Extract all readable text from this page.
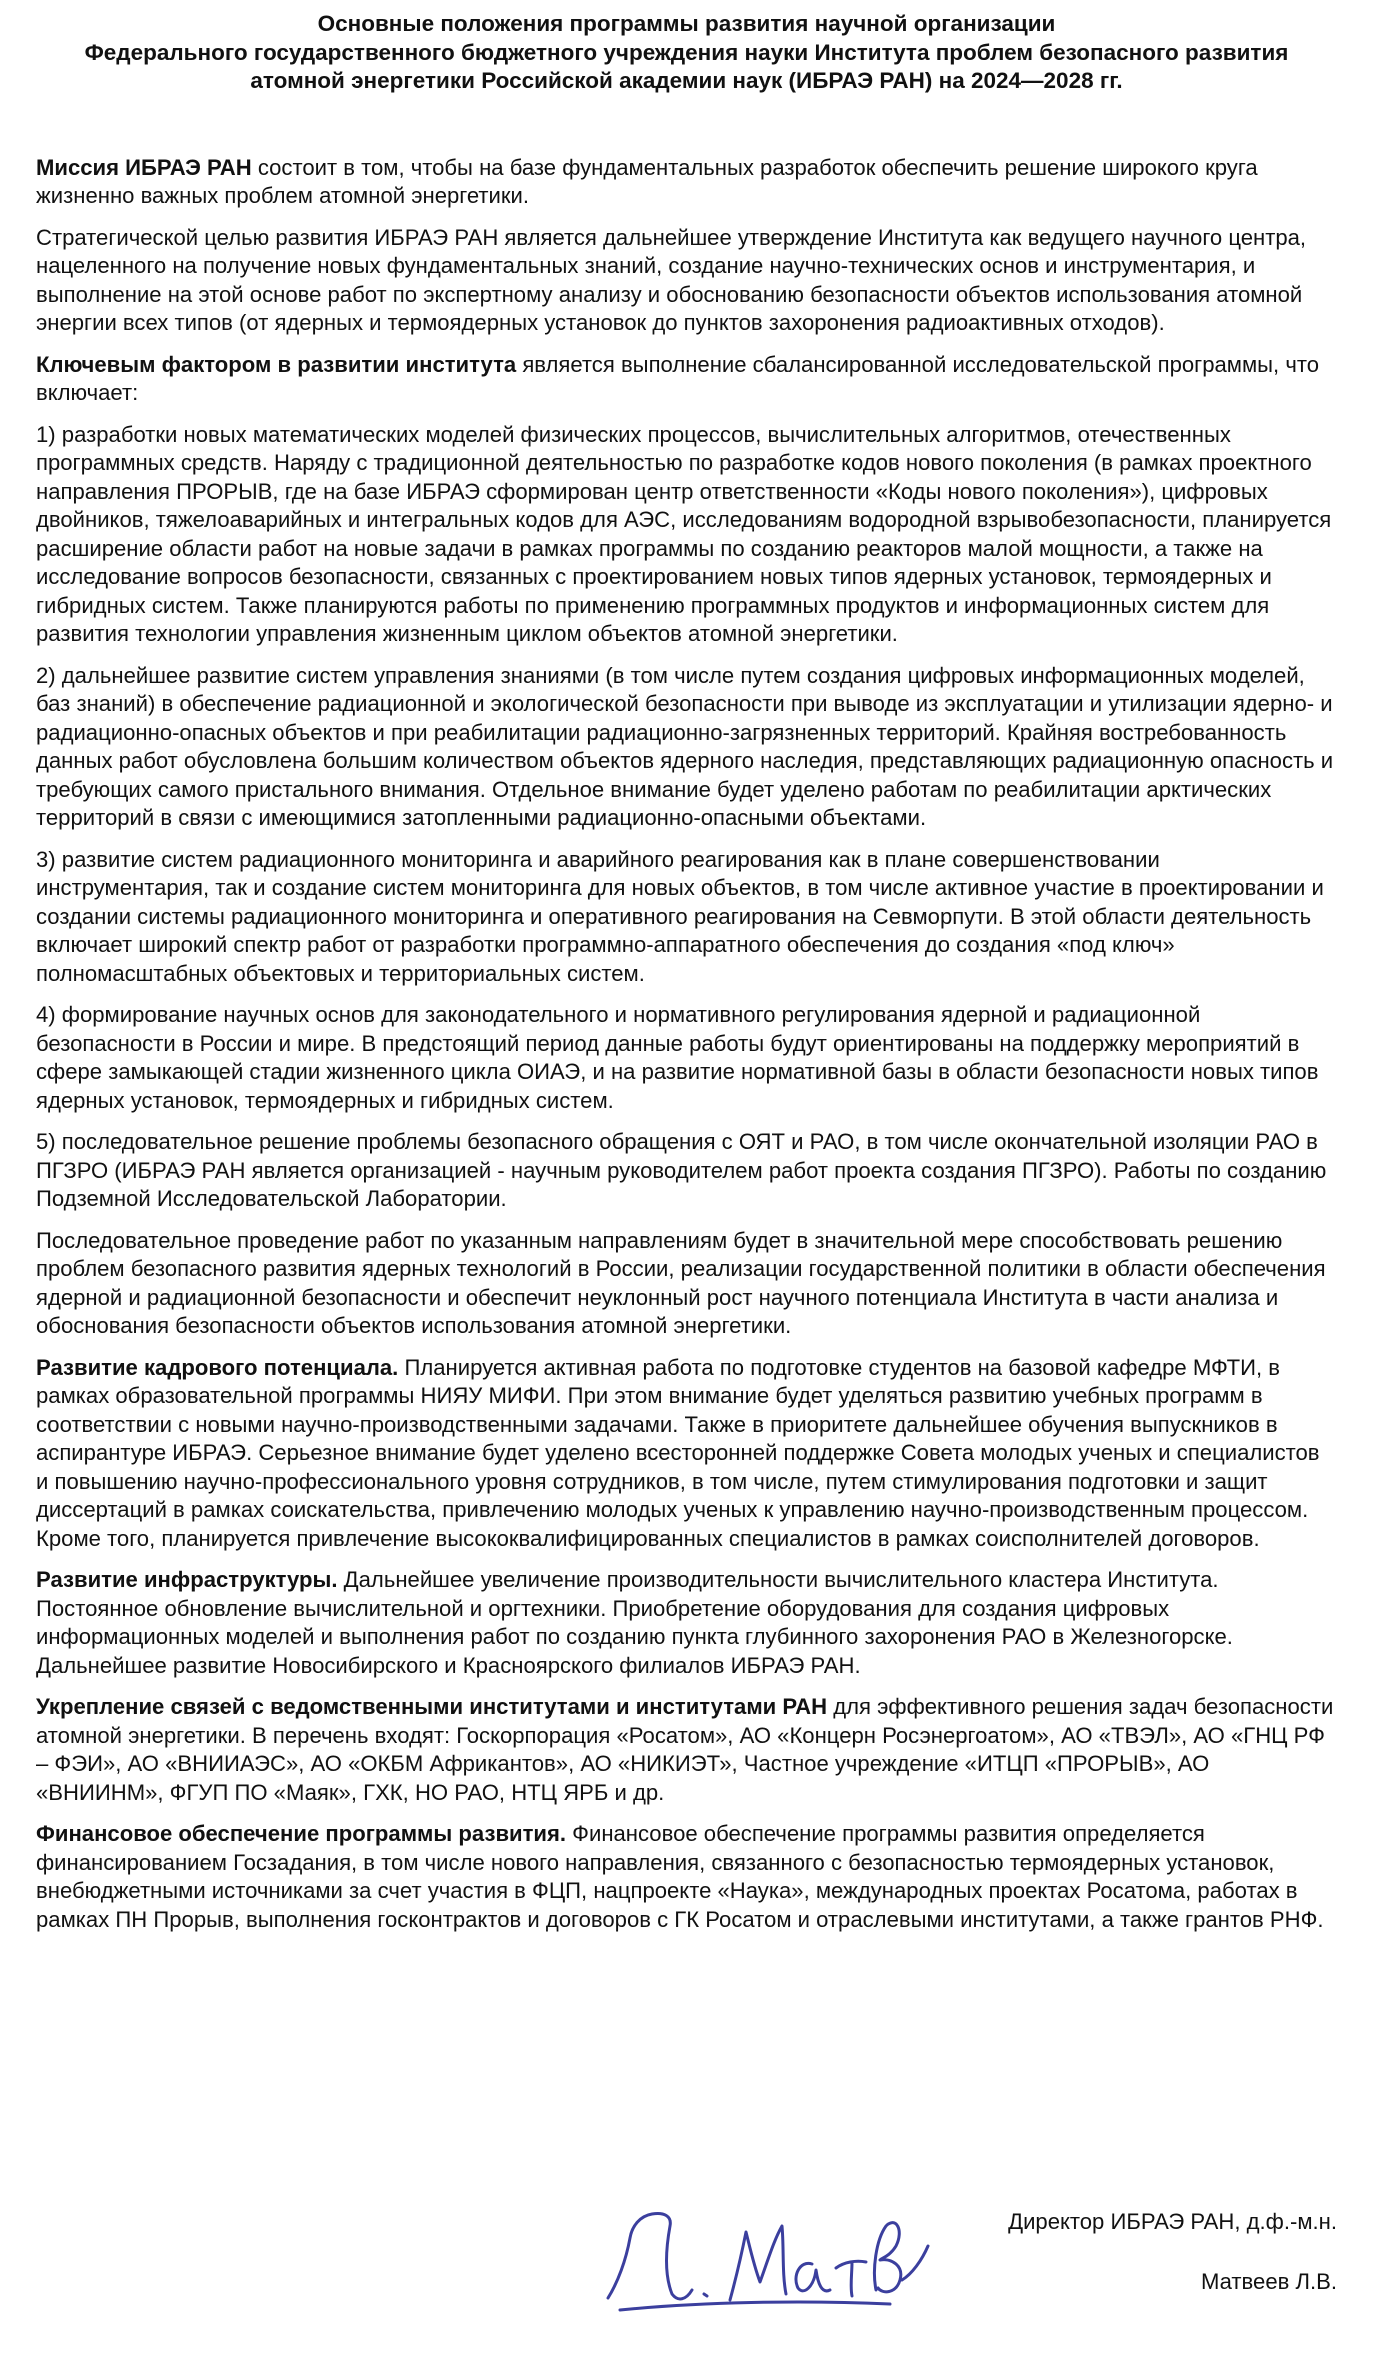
Основные положения программы развития научной организации
Федерального государственного бюджетного учреждения науки Института проблем безопасного развития
атомной энергетики Российской академии наук (ИБРАЭ РАН) на 2024—2028 гг.

Миссия ИБРАЭ РАН состоит в том, чтобы на базе фундаментальных разработок обеспечить решение широкого круга жизненно важных проблем атомной энергетики.

Стратегической целью развития ИБРАЭ РАН является дальнейшее утверждение Института как ведущего научного центра, нацеленного на получение новых фундаментальных знаний, создание научно-технических основ и инструментария, и выполнение на этой основе работ по экспертному анализу и обоснованию безопасности объектов использования атомной энергии всех типов (от ядерных и термоядерных установок до пунктов захоронения радиоактивных отходов).

Ключевым фактором в развитии института является выполнение сбалансированной исследовательской программы, что включает:

1) разработки новых математических моделей физических процессов, вычислительных алгоритмов, отечественных программных средств. Наряду с традиционной деятельностью по разработке кодов нового поколения (в рамках проектного направления ПРОРЫВ, где на базе ИБРАЭ сформирован центр ответственности «Коды нового поколения»), цифровых двойников, тяжелоаварийных и интегральных кодов для АЭС, исследованиям водородной взрывобезопасности, планируется расширение области работ на новые задачи в рамках программы по созданию реакторов малой мощности, а также на исследование вопросов безопасности, связанных с проектированием новых типов ядерных установок, термоядерных и гибридных систем. Также планируются работы по применению программных продуктов и информационных систем для развития технологии управления жизненным циклом объектов атомной энергетики.

2) дальнейшее развитие систем управления знаниями (в том числе путем создания цифровых информационных моделей, баз знаний) в обеспечение радиационной и экологической безопасности при выводе из эксплуатации и утилизации ядерно- и радиационно-опасных объектов и при реабилитации радиационно-загрязненных территорий. Крайняя востребованность данных работ обусловлена большим количеством объектов ядерного наследия, представляющих радиационную опасность и требующих самого пристального внимания. Отдельное внимание будет уделено работам по реабилитации арктических территорий в связи с имеющимися затопленными радиационно-опасными объектами.

3) развитие систем радиационного мониторинга и аварийного реагирования как в плане совершенствовании инструментария, так и создание систем мониторинга для новых объектов, в том числе активное участие в проектировании и создании системы радиационного мониторинга и оперативного реагирования на Севморпути. В этой области деятельность включает широкий спектр работ от разработки программно-аппаратного обеспечения до создания «под ключ» полномасштабных объектовых и территориальных систем.

4) формирование научных основ для законодательного и нормативного регулирования ядерной и радиационной безопасности в России и мире. В предстоящий период данные работы будут ориентированы на поддержку мероприятий в сфере замыкающей стадии жизненного цикла ОИАЭ, и на развитие нормативной базы в области безопасности новых типов ядерных установок, термоядерных и гибридных систем.

5) последовательное решение проблемы безопасного обращения с ОЯТ и РАО, в том числе окончательной изоляции РАО в ПГЗРО (ИБРАЭ РАН является организацией - научным руководителем работ проекта создания ПГЗРО). Работы по созданию Подземной Исследовательской Лаборатории.

Последовательное проведение работ по указанным направлениям будет в значительной мере способствовать решению проблем безопасного развития ядерных технологий в России, реализации государственной политики в области обеспечения ядерной и радиационной безопасности и обеспечит неуклонный рост научного потенциала Института в части анализа и обоснования безопасности объектов использования атомной энергетики.

Развитие кадрового потенциала. Планируется активная работа по подготовке студентов на базовой кафедре МФТИ, в рамках образовательной программы НИЯУ МИФИ. При этом внимание будет уделяться развитию учебных программ в соответствии с новыми научно-производственными задачами. Также в приоритете дальнейшее обучения выпускников в аспирантуре ИБРАЭ. Серьезное внимание будет уделено всесторонней поддержке Совета молодых ученых и специалистов и повышению научно-профессионального уровня сотрудников, в том числе, путем стимулирования подготовки и защит диссертаций в рамках соискательства, привлечению молодых ученых к управлению научно-производственным процессом. Кроме того, планируется привлечение высококвалифицированных специалистов в рамках соисполнителей договоров.

Развитие инфраструктуры. Дальнейшее увеличение производительности вычислительного кластера Института. Постоянное обновление вычислительной и оргтехники. Приобретение оборудования для создания цифровых информационных моделей и выполнения работ по созданию пункта глубинного захоронения РАО в Железногорске. Дальнейшее развитие Новосибирского и Красноярского филиалов ИБРАЭ РАН.

Укрепление связей с ведомственными институтами и институтами РАН для эффективного решения задач безопасности атомной энергетики. В перечень входят: Госкорпорация «Росатом», АО «Концерн Росэнергоатом», АО «ТВЭЛ», АО «ГНЦ РФ – ФЭИ», АО «ВНИИАЭС», АО «ОКБМ Африкантов», АО «НИКИЭТ», Частное учреждение «ИТЦП «ПРОРЫВ», АО «ВНИИНМ», ФГУП ПО «Маяк», ГХК, НО РАО, НТЦ ЯРБ и др.

Финансовое обеспечение программы развития. Финансовое обеспечение программы развития определяется финансированием Госзадания, в том числе нового направления, связанного с безопасностью термоядерных установок, внебюджетными источниками за счет участия в ФЦП, нацпроекте «Наука», международных проектах Росатома, работах в рамках ПН Прорыв, выполнения госконтрактов и договоров с ГК Росатом и отраслевыми институтами, а также грантов РНФ.

Директор ИБРАЭ РАН, д.ф.-м.н.
Матвеев Л.В.
